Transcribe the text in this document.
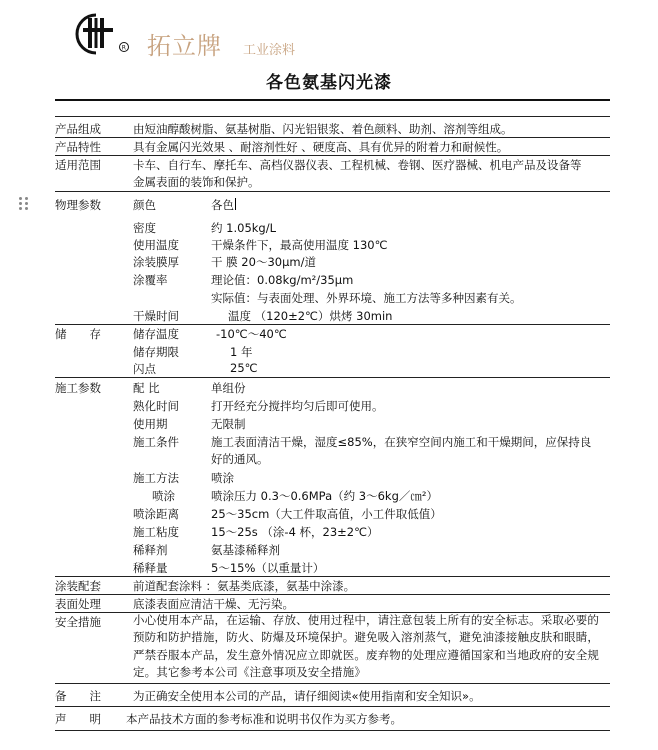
R 拓立牌 工业涂料
各色氨基闪光漆
产品组成	由短油醇酸树脂、氨基树脂、闪光铝银浆、着色颜料、助剂、溶剂等组成。
产品特性	具有金属闪光效果 、耐溶剂性好 、硬度高、具有优异的附着力和耐候性。
适用范围	卡车、自行车、摩托车、高档仪器仪表、工程机械、卷钢、医疗器械、机电产品及设备等
金属表面的装饰和保护。
物理参数	颜色	各色
密度	约 1.05kg/L
使用温度	干燥条件下，最高使用温度 130℃
涂装膜厚	干 膜 20～30μm/道
涂覆率	理论值：0.08kg/m²/35μm
实际值：与表面处理、外界环境、施工方法等多种因素有关。
干燥时间	温度 （120±2℃）烘烤 30min
储　　存	储存温度	-10℃～40℃
储存期限	1 年
闪点	25℃
施工参数	配 比	单组份
熟化时间	打开经充分搅拌均匀后即可使用。
使用期	无限制
施工条件	施工表面清洁干燥，湿度≤85%，在狭窄空间内施工和干燥期间，应保持良
好的通风。
施工方法	喷涂
喷涂	喷涂压力 0.3～0.6MPa（约 3～6kg／㎝²）
喷涂距离	25～35cm（大工件取高值，小工件取低值）
施工粘度	15～25s （涂-4 杯，23±2℃）
稀释剂	氨基漆稀释剂
稀释量	5～15%（以重量计）
涂装配套	前道配套涂料 ：氨基类底漆，氨基中涂漆。
表面处理	底漆表面应清洁干燥、无污染。
安全措施	小心使用本产品，在运输、存放、使用过程中，请注意包装上所有的安全标志。采取必要的预防和防护措施，防火、防爆及环境保护。避免吸入溶剂蒸气，避免油漆接触皮肤和眼睛，严禁吞服本产品，发生意外情况应立即就医。废弃物的处理应遵循国家和当地政府的安全规定。其它参考本公司《注意事项及安全措施》
备　　注	为正确安全使用本公司的产品，请仔细阅读«使用指南和安全知识»。
声　　明 本产品技术方面的参考标准和说明书仅作为买方参考。
